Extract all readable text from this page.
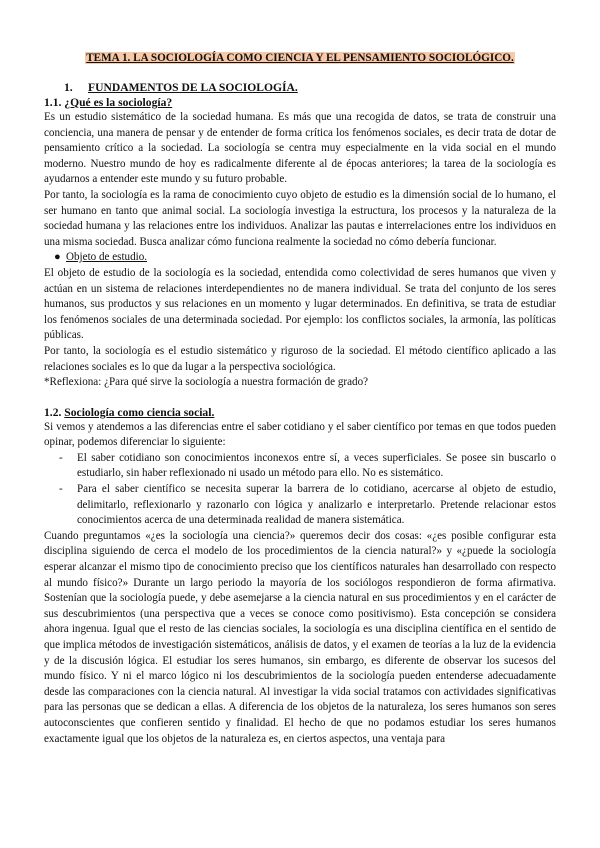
TEMA 1. LA SOCIOLOGÍA COMO CIENCIA Y EL PENSAMIENTO SOCIOLÓGICO.
1. FUNDAMENTOS DE LA SOCIOLOGÍA.
1.1. ¿Qué es la sociología?

Es un estudio sistemático de la sociedad humana. Es más que una recogida de datos, se trata de construir una conciencia, una manera de pensar y de entender de forma crítica los fenómenos sociales, es decir trata de dotar de pensamiento crítico a la sociedad. La sociología se centra muy especialmente en la vida social en el mundo moderno. Nuestro mundo de hoy es radicalmente diferente al de épocas anteriores; la tarea de la sociología es ayudarnos a entender este mundo y su futuro probable.

Por tanto, la sociología es la rama de conocimiento cuyo objeto de estudio es la dimensión social de lo humano, el ser humano en tanto que animal social. La sociología investiga la estructura, los procesos y la naturaleza de la sociedad humana y las relaciones entre los individuos. Analizar las pautas e interrelaciones entre los individuos en una misma sociedad. Busca analizar cómo funciona realmente la sociedad no cómo debería funcionar.

● Objeto de estudio.

El objeto de estudio de la sociología es la sociedad, entendida como colectividad de seres humanos que viven y actúan en un sistema de relaciones interdependientes no de manera individual. Se trata del conjunto de los seres humanos, sus productos y sus relaciones en un momento y lugar determinados. En definitiva, se trata de estudiar los fenómenos sociales de una determinada sociedad. Por ejemplo: los conflictos sociales, la armonía, las políticas públicas.

Por tanto, la sociología es el estudio sistemático y riguroso de la sociedad. El método científico aplicado a las relaciones sociales es lo que da lugar a la perspectiva sociológica.

*Reflexiona: ¿Para qué sirve la sociología a nuestra formación de grado?

1.2. Sociología como ciencia social.

Si vemos y atendemos a las diferencias entre el saber cotidiano y el saber científico por temas en que todos pueden opinar, podemos diferenciar lo siguiente:

- El saber cotidiano son conocimientos inconexos entre sí, a veces superficiales. Se posee sin buscarlo o estudiarlo, sin haber reflexionado ni usado un método para ello. No es sistemático.
- Para el saber científico se necesita superar la barrera de lo cotidiano, acercarse al objeto de estudio, delimitarlo, reflexionarlo y razonarlo con lógica y analizarlo e interpretarlo. Pretende relacionar estos conocimientos acerca de una determinada realidad de manera sistemática.

Cuando preguntamos «¿es la sociología una ciencia?» queremos decir dos cosas: «¿es posible configurar esta disciplina siguiendo de cerca el modelo de los procedimientos de la ciencia natural?» y «¿puede la sociología esperar alcanzar el mismo tipo de conocimiento preciso que los científicos naturales han desarrollado con respecto al mundo físico?» Durante un largo periodo la mayoría de los sociólogos respondieron de forma afirmativa. Sostenían que la sociología puede, y debe asemejarse a la ciencia natural en sus procedimientos y en el carácter de sus descubrimientos (una perspectiva que a veces se conoce como positivismo). Esta concepción se considera ahora ingenua. Igual que el resto de las ciencias sociales, la sociología es una disciplina científica en el sentido de que implica métodos de investigación sistemáticos, análisis de datos, y el examen de teorías a la luz de la evidencia y de la discusión lógica. El estudiar los seres humanos, sin embargo, es diferente de observar los sucesos del mundo físico. Y ni el marco lógico ni los descubrimientos de la sociología pueden entenderse adecuadamente desde las comparaciones con la ciencia natural. Al investigar la vida social tratamos con actividades significativas para las personas que se dedican a ellas. A diferencia de los objetos de la naturaleza, los seres humanos son seres autoconscientes que confieren sentido y finalidad. El hecho de que no podamos estudiar los seres humanos exactamente igual que los objetos de la naturaleza es, en ciertos aspectos, una ventaja para
